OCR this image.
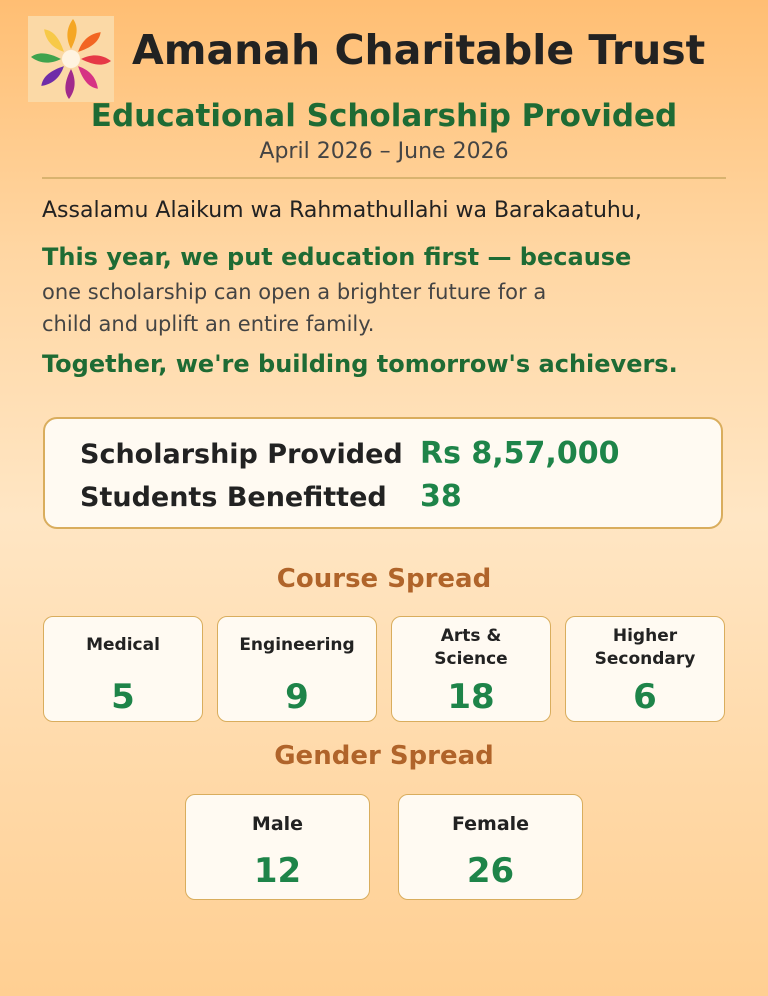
Amanah Charitable Trust
Educational Scholarship Provided
April 2026 – June 2026
Assalamu Alaikum wa Rahmathullahi wa Barakaatuhu,
This year, we put education first — because
one scholarship can open a brighter future for a
child and uplift an entire family.
Together, we're building tomorrow's achievers.
Scholarship Provided Rs 8,57,000
Students Benefitted 38
Course Spread
Medical
5
Engineering
9
Arts &
Science
18
Higher
Secondary
6
Gender Spread
Male
12
Female
26
